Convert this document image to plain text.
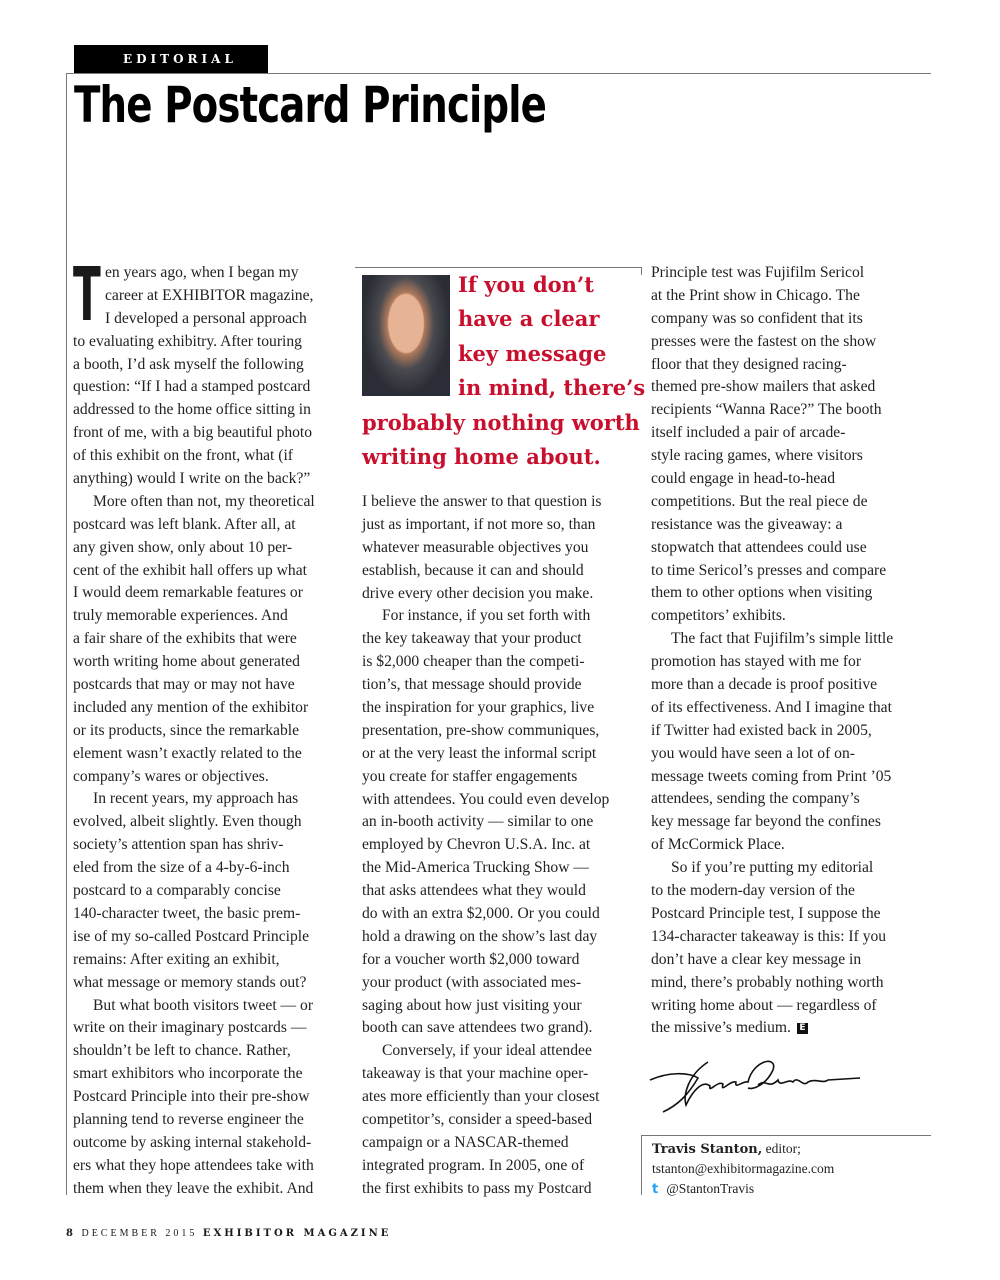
EDITORIAL
The Postcard Principle
T en years ago, when I began my
career at EXHIBITOR magazine,
I developed a personal approach
to evaluating exhibitry. After touring
a booth, I’d ask myself the following
question: “If I had a stamped postcard
addressed to the home office sitting in
front of me, with a big beautiful photo
of this exhibit on the front, what (if
anything) would I write on the back?”
More often than not, my theoretical
postcard was left blank. After all, at
any given show, only about 10 per-
cent of the exhibit hall offers up what
I would deem remarkable features or
truly memorable experiences. And
a fair share of the exhibits that were
worth writing home about generated
postcards that may or may not have
included any mention of the exhibitor
or its products, since the remarkable
element wasn’t exactly related to the
company’s wares or objectives.
In recent years, my approach has
evolved, albeit slightly. Even though
society’s attention span has shriv-
eled from the size of a 4-by-6-inch
postcard to a comparably concise
140-character tweet, the basic prem-
ise of my so-called Postcard Principle
remains: After exiting an exhibit,
what message or memory stands out?
But what booth visitors tweet — or
write on their imaginary postcards —
shouldn’t be left to chance. Rather,
smart exhibitors who incorporate the
Postcard Principle into their pre-show
planning tend to reverse engineer the
outcome by asking internal stakehold-
ers what they hope attendees take with
them when they leave the exhibit. And
If you don’t
have a clear
key message
in mind, there’s
probably nothing worth
writing home about.
I believe the answer to that question is
just as important, if not more so, than
whatever measurable objectives you
establish, because it can and should
drive every other decision you make.
For instance, if you set forth with
the key takeaway that your product
is $2,000 cheaper than the competi-
tion’s, that message should provide
the inspiration for your graphics, live
presentation, pre-show communiques,
or at the very least the informal script
you create for staffer engagements
with attendees. You could even develop
an in-booth activity — similar to one
employed by Chevron U.S.A. Inc. at
the Mid-America Trucking Show —
that asks attendees what they would
do with an extra $2,000. Or you could
hold a drawing on the show’s last day
for a voucher worth $2,000 toward
your product (with associated mes-
saging about how just visiting your
booth can save attendees two grand).
Conversely, if your ideal attendee
takeaway is that your machine oper-
ates more efficiently than your closest
competitor’s, consider a speed-based
campaign or a NASCAR-themed
integrated program. In 2005, one of
the first exhibits to pass my Postcard
Principle test was Fujifilm Sericol
at the Print show in Chicago. The
company was so confident that its
presses were the fastest on the show
floor that they designed racing-
themed pre-show mailers that asked
recipients “Wanna Race?” The booth
itself included a pair of arcade-
style racing games, where visitors
could engage in head-to-head
competitions. But the real piece de
resistance was the giveaway: a
stopwatch that attendees could use
to time Sericol’s presses and compare
them to other options when visiting
competitors’ exhibits.
The fact that Fujifilm’s simple little
promotion has stayed with me for
more than a decade is proof positive
of its effectiveness. And I imagine that
if Twitter had existed back in 2005,
you would have seen a lot of on-
message tweets coming from Print ’05
attendees, sending the company’s
key message far beyond the confines
of McCormick Place.
So if you’re putting my editorial
to the modern-day version of the
Postcard Principle test, I suppose the
134-character takeaway is this: If you
don’t have a clear key message in
mind, there’s probably nothing worth
writing home about — regardless of
the missive’s medium. E
Travis Stanton, editor;
tstanton@exhibitormagazine.com
t @StantonTravis
8 DECEMBER 2015 EXHIBITOR MAGAZINE
